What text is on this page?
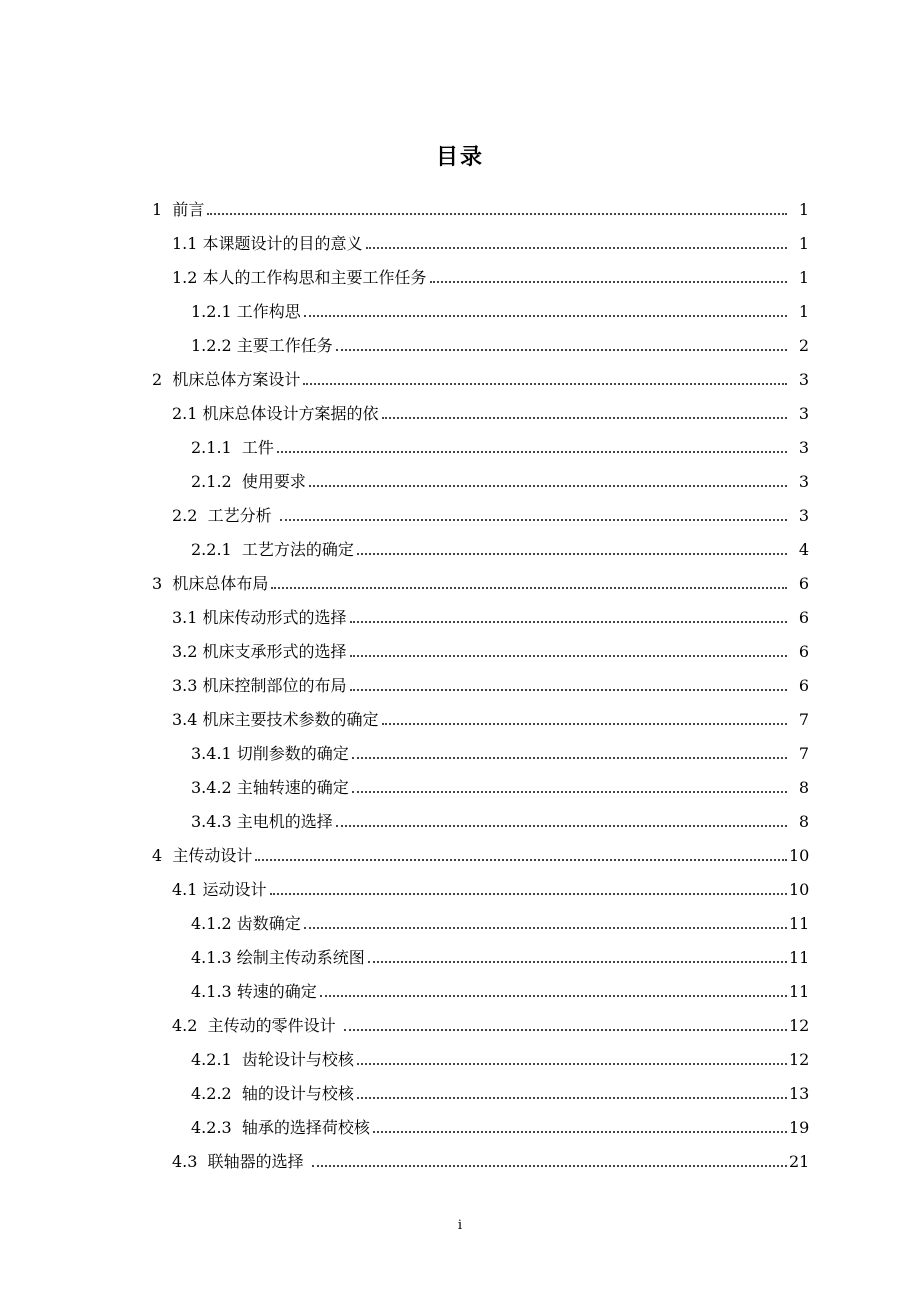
目录
1  前言	1
1.1 本课题设计的目的意义	1
1.2 本人的工作构思和主要工作任务	1
1.2.1 工作构思	1
1.2.2 主要工作任务	2
2  机床总体方案设计	3
2.1 机床总体设计方案据的依	3
2.1.1  工件	3
2.1.2  使用要求	3
2.2  工艺分析	3
2.2.1  工艺方法的确定	4
3  机床总体布局	6
3.1 机床传动形式的选择	6
3.2 机床支承形式的选择	6
3.3 机床控制部位的布局	6
3.4 机床主要技术参数的确定	7
3.4.1 切削参数的确定	7
3.4.2 主轴转速的确定	8
3.4.3 主电机的选择	8
4  主传动设计	10
4.1 运动设计	10
4.1.2 齿数确定	11
4.1.3 绘制主传动系统图	11
4.1.3 转速的确定	11
4.2  主传动的零件设计	12
4.2.1  齿轮设计与校核	12
4.2.2  轴的设计与校核	13
4.2.3  轴承的选择荷校核	19
4.3  联轴器的选择	21
i
